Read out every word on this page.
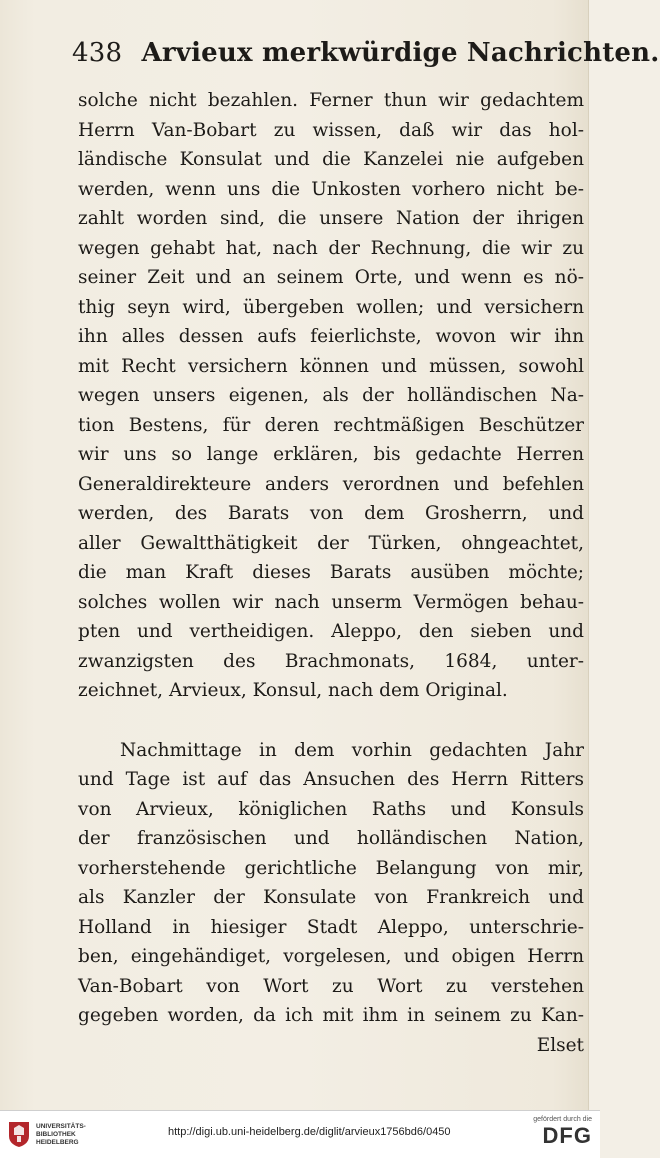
438 Arvieux merkwürdige Nachrichten.
solche nicht bezahlen. Ferner thun wir gedachtem
Herrn Van-Bobart zu wissen, daß wir das hol-
ländische Konsulat und die Kanzelei nie aufgeben
werden, wenn uns die Unkosten vorhero nicht be-
zahlt worden sind, die unsere Nation der ihrigen
wegen gehabt hat, nach der Rechnung, die wir zu
seiner Zeit und an seinem Orte, und wenn es nö-
thig seyn wird, übergeben wollen; und versichern
ihn alles dessen aufs feierlichste, wovon wir ihn
mit Recht versichern können und müssen, sowohl
wegen unsers eigenen, als der holländischen Na-
tion Bestens, für deren rechtmäßigen Beschützer
wir uns so lange erklären, bis gedachte Herren
Generaldirekteure anders verordnen und befehlen
werden, des Barats von dem Grosherrn, und
aller Gewaltthätigkeit der Türken, ohngeachtet,
die man Kraft dieses Barats ausüben möchte;
solches wollen wir nach unserm Vermögen behau-
pten und vertheidigen. Aleppo, den sieben und
zwanzigsten des Brachmonats, 1684, unter-
zeichnet, Arvieux, Konsul, nach dem Original.
Nachmittage in dem vorhin gedachten Jahr
und Tage ist auf das Ansuchen des Herrn Ritters
von Arvieux, königlichen Raths und Konsuls
der französischen und holländischen Nation,
vorherstehende gerichtliche Belangung von mir,
als Kanzler der Konsulate von Frankreich und
Holland in hiesiger Stadt Aleppo, unterschrie-
ben, eingehändiget, vorgelesen, und obigen Herrn
Van-Bobart von Wort zu Wort zu verstehen
gegeben worden, da ich mit ihm in seinem zu Kan-
Elset
UNIVERSITÄTS-
BIBLIOTHEK
HEIDELBERG
http://digi.ub.uni-heidelberg.de/diglit/arvieux1756bd6/0450
gefördert durch die
DFG
